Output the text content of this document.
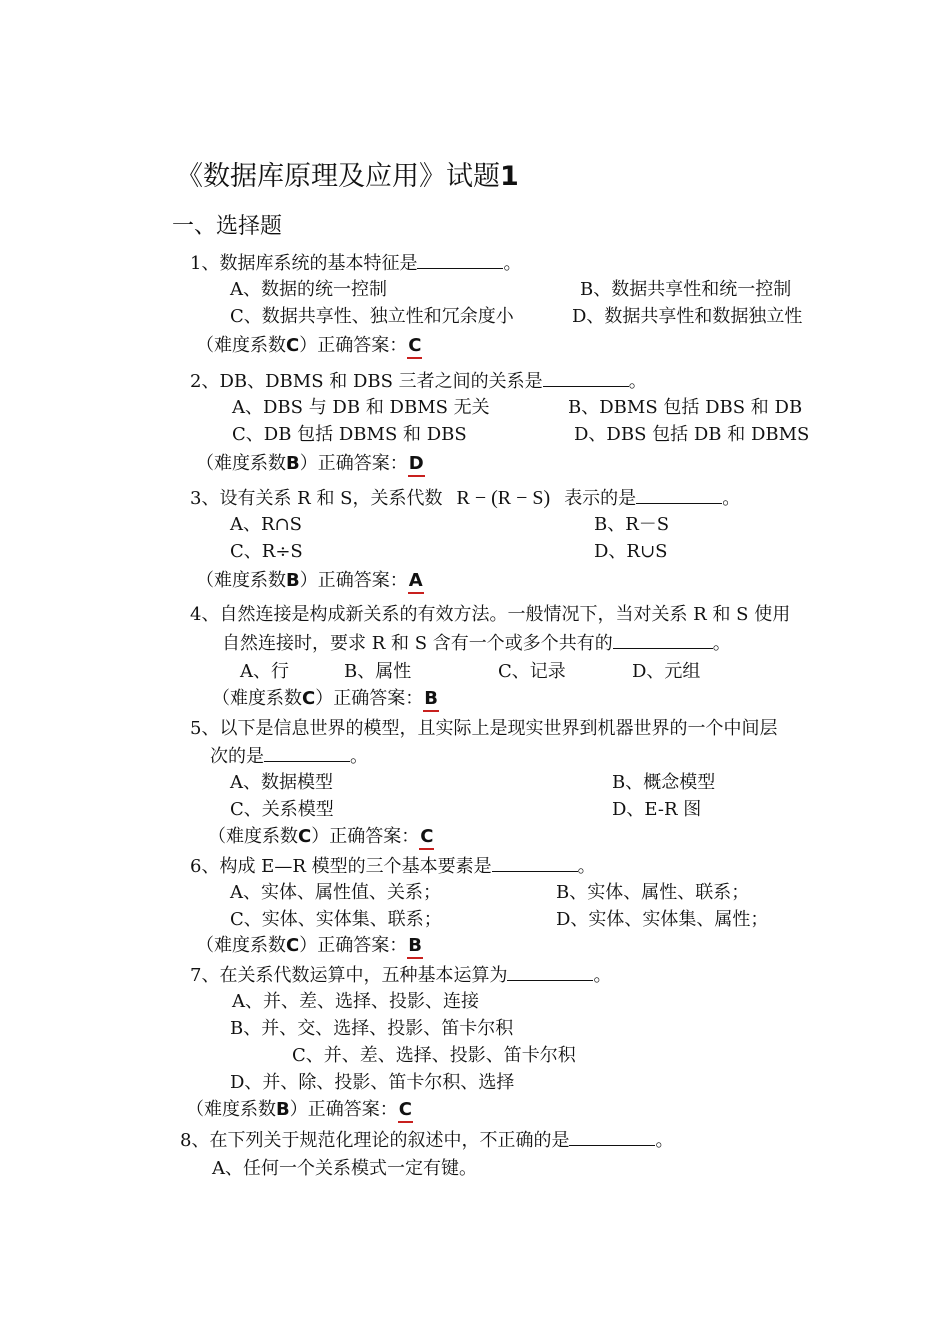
《数据库原理及应用》试题1
一、选择题
1、数据库系统的基本特征是	。
A、数据的统一控制	B、数据共享性和统一控制
C、数据共享性、独立性和冗余度小	D、数据共享性和数据独立性
（难度系数C）正确答案：C
2、DB、DBMS 和 DBS 三者之间的关系是	。
A、DBS 与 DB 和 DBMS 无关	B、DBMS 包括 DBS 和 DB
C、DB 包括 DBMS 和 DBS	D、DBS 包括 DB 和 DBMS
（难度系数B）正确答案：D
3、设有关系 R 和 S，关系代数 R − (R − S) 表示的是	。
A、R∩S	B、R－S
C、R÷S	D、R∪S
（难度系数B）正确答案：A
4、自然连接是构成新关系的有效方法。一般情况下，当对关系 R 和 S 使用
自然连接时，要求 R 和 S 含有一个或多个共有的	。
A、行	B、属性	C、记录	D、元组
（难度系数C）正确答案：B
5、以下是信息世界的模型，且实际上是现实世界到机器世界的一个中间层
次的是	。
A、数据模型	B、概念模型
C、关系模型	D、E-R 图
（难度系数C）正确答案：C
6、构成 E—R 模型的三个基本要素是	。
A、实体、属性值、关系；	B、实体、属性、联系；
C、实体、实体集、联系；	D、实体、实体集、属性；
（难度系数C）正确答案：B
7、在关系代数运算中，五种基本运算为	。
A、并、差、选择、投影、连接
B、并、交、选择、投影、笛卡尔积
C、并、差、选择、投影、笛卡尔积
D、并、除、投影、笛卡尔积、选择
（难度系数B）正确答案：C
8、在下列关于规范化理论的叙述中，不正确的是	。
A、任何一个关系模式一定有键。
